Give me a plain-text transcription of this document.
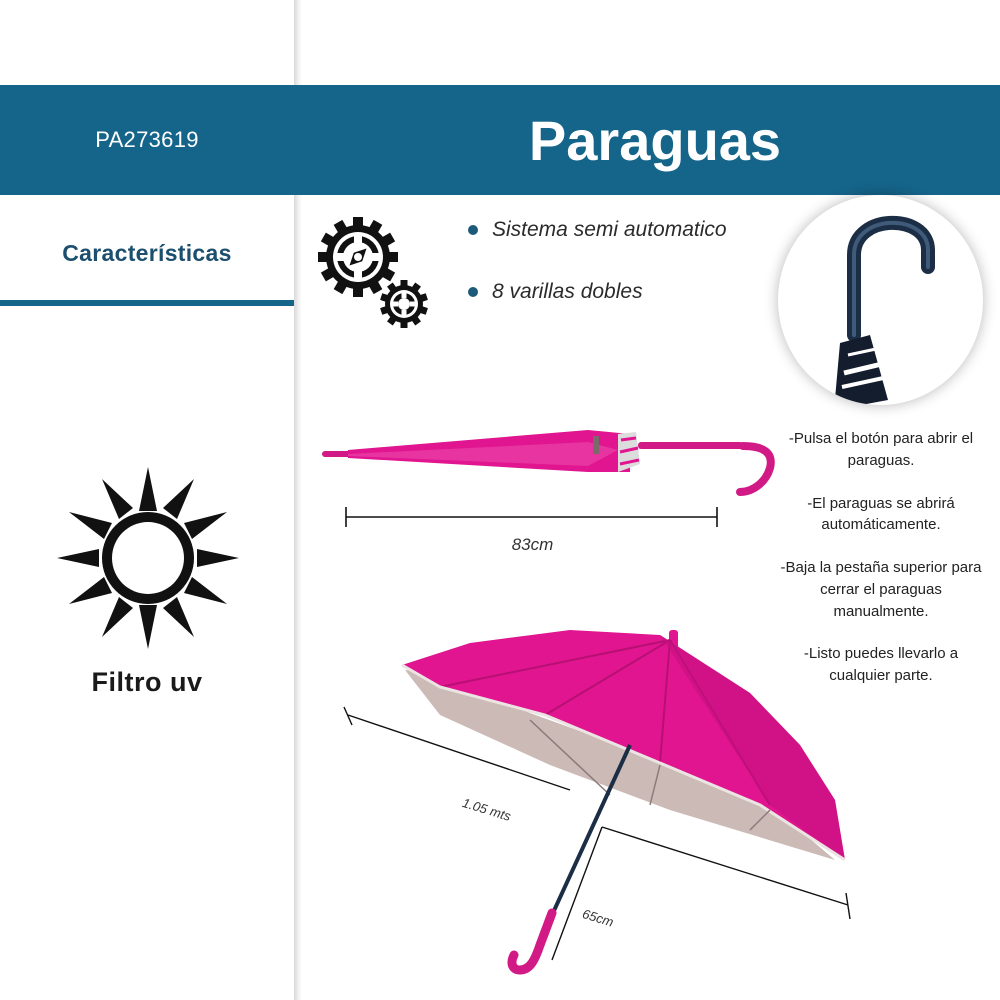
PA273619	Paraguas
Características
Filtro uv
Sistema semi automatico
8 varillas dobles
83cm

-Pulsa el botón para abrir el paraguas.

-El paraguas se abrirá automáticamente.

-Baja la pestaña superior para cerrar el paraguas manualmente.

-Listo puedes llevarlo a cualquier parte.

1.05 mts
65cm
